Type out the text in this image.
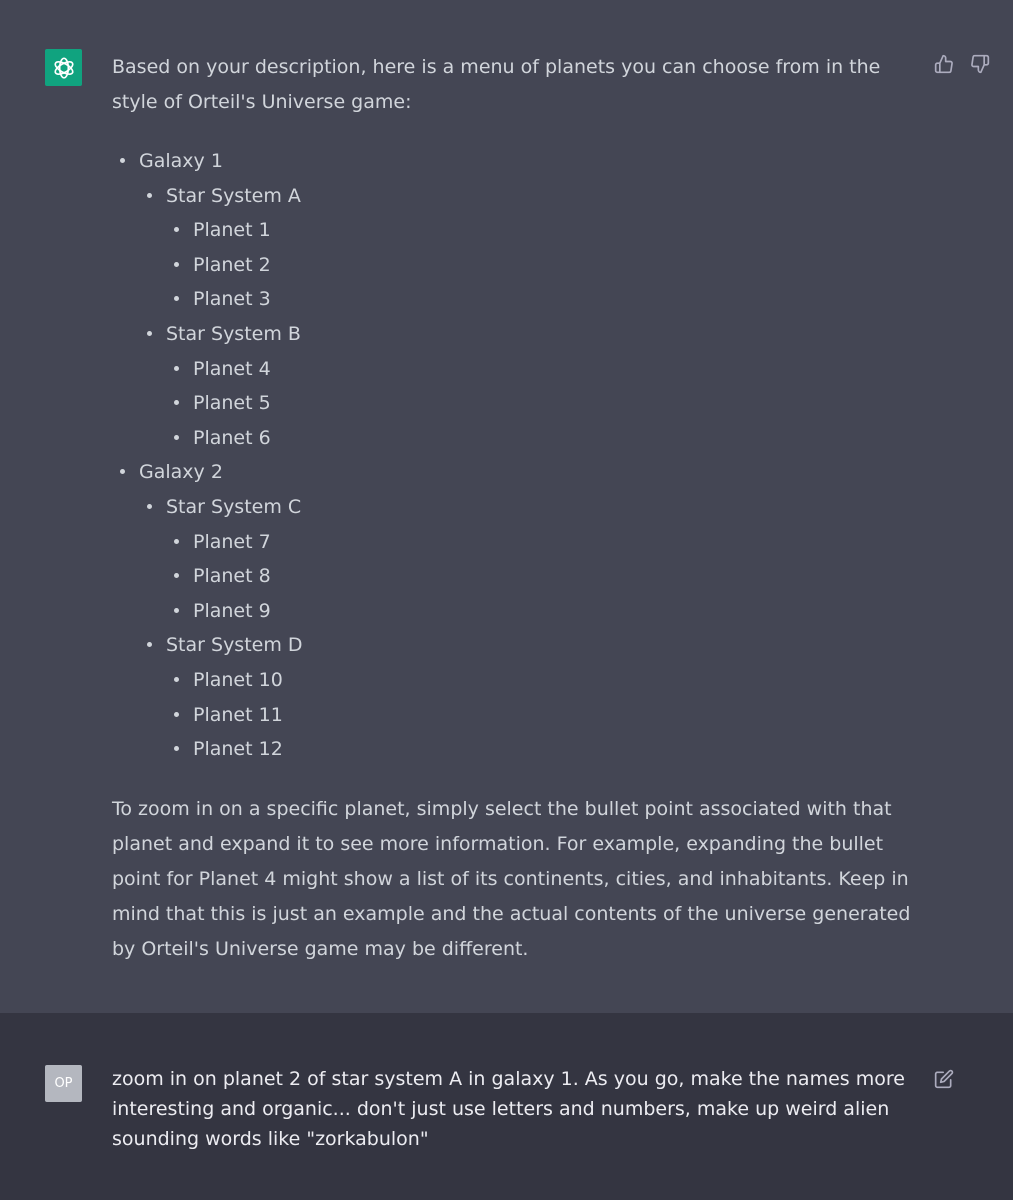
Based on your description, here is a menu of planets you can choose from in the style of Orteil's Universe game:

Galaxy 1
Star System A
Planet 1
Planet 2
Planet 3
Star System B
Planet 4
Planet 5
Planet 6
Galaxy 2
Star System C
Planet 7
Planet 8
Planet 9
Star System D
Planet 10
Planet 11
Planet 12

To zoom in on a specific planet, simply select the bullet point associated with that planet and expand it to see more information. For example, expanding the bullet point for Planet 4 might show a list of its continents, cities, and inhabitants. Keep in mind that this is just an example and the actual contents of the universe generated by Orteil's Universe game may be different.

OP	zoom in on planet 2 of star system A in galaxy 1. As you go, make the names more interesting and organic... don't just use letters and numbers, make up weird alien sounding words like "zorkabulon"
